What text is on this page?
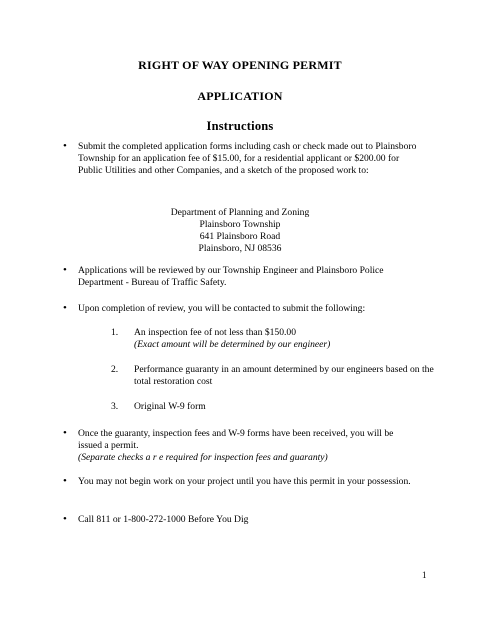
RIGHT OF WAY OPENING PERMIT
APPLICATION
Instructions
• Submit the completed application forms including cash or check made out to Plainsboro Township for an application fee of $15.00, for a residential applicant or $200.00 for Public Utilities and other Companies, and a sketch of the proposed work to:
Department of Planning and Zoning
Plainsboro Township
641 Plainsboro Road
Plainsboro, NJ 08536
• Applications will be reviewed by our Township Engineer and Plainsboro Police Department - Bureau of Traffic Safety.
• Upon completion of review, you will be contacted to submit the following:
1. An inspection fee of not less than $150.00
(Exact amount will be determined by our engineer)
2. Performance guaranty in an amount determined by our engineers based on the total restoration cost
3. Original W-9 form
• Once the guaranty, inspection fees and W-9 forms have been received, you will be issued a permit.
(Separate checks a r e required for inspection fees and guaranty)
• You may not begin work on your project until you have this permit in your possession.
• Call 811 or 1-800-272-1000 Before You Dig
1
